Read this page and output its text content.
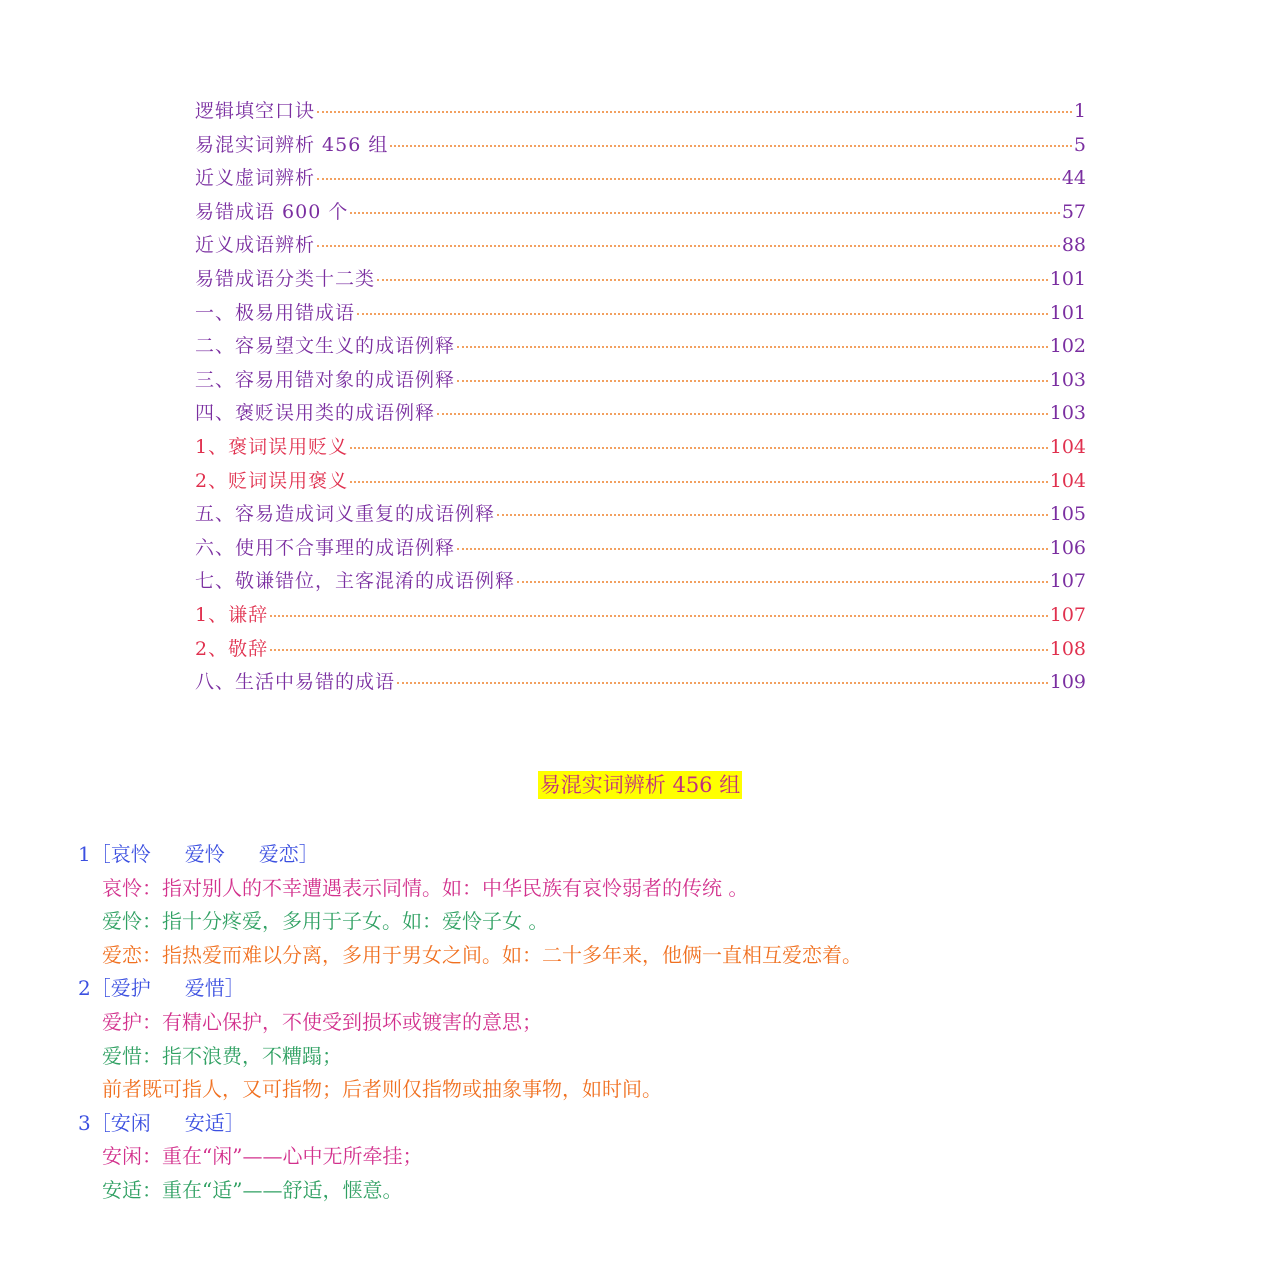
逻辑填空口诀	1
易混实词辨析 456 组	5
近义虚词辨析	44
易错成语 600 个	57
近义成语辨析	88
易错成语分类十二类	101
一、极易用错成语	101
二、容易望文生义的成语例释	102
三、容易用错对象的成语例释	103
四、褒贬误用类的成语例释	103
1、褒词误用贬义	104
2、贬词误用褒义	104
五、容易造成词义重复的成语例释	105
六、使用不合事理的成语例释	106
七、敬谦错位，主客混淆的成语例释	107
1、谦辞	107
2、敬辞	108
八、生活中易错的成语	109
易混实词辨析 456 组
1［哀怜 爱怜 爱恋］
哀怜：指对别人的不幸遭遇表示同情。如：中华民族有哀怜弱者的传统 。
爱怜：指十分疼爱，多用于子女。如：爱怜子女 。
爱恋：指热爱而难以分离，多用于男女之间。如：二十多年来，他俩一直相互爱恋着。
2［爱护 爱惜］
爱护：有精心保护，不使受到损坏或镀害的意思；
爱惜：指不浪费，不糟蹋；
前者既可指人，又可指物；后者则仅指物或抽象事物，如时间。
3［安闲 安适］
安闲：重在“闲”——心中无所牵挂；
安适：重在“适”——舒适，惬意。
